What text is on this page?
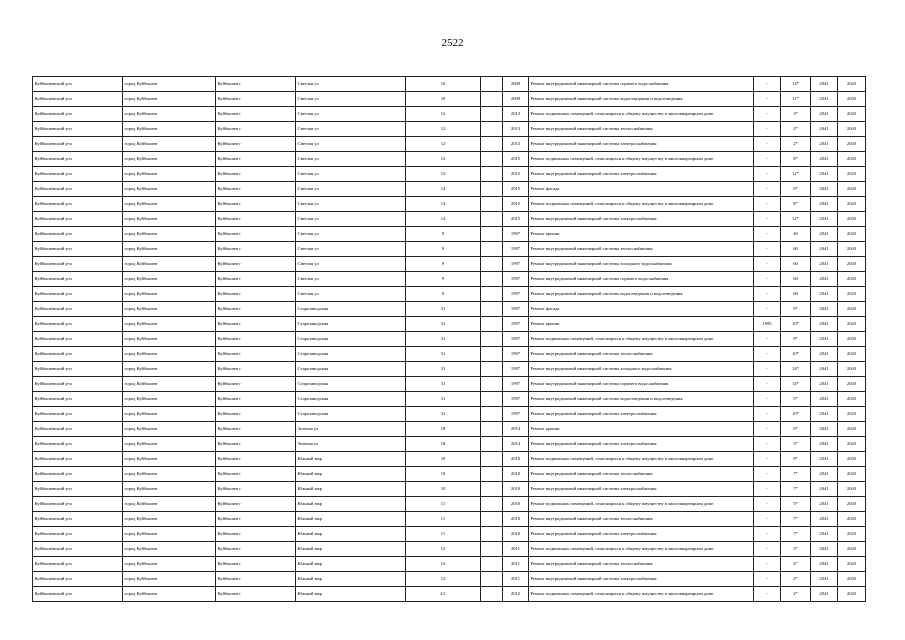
2522
Куйбышевский р-н	город Куйбышев	Куйбышев г	Светлая ул	10		2009	Ремонт внутридомовой инженерной системы горячего водоснабжения	-	14*	2041	2043
Куйбышевский р-н	город Куйбышев	Куйбышев г	Светлая ул	10		2009	Ремонт внутридомовой инженерной системы водоотведения и водоотведения	-	11*	2041	2043
Куйбышевский р-н	город Куйбышев	Куйбышев г	Светлая ул	12		2013	Ремонт подвальных помещений, относящихся к общему имуществу в многоквартирном доме	-	3*	2041	2043
Куйбышевский р-н	город Куйбышев	Куйбышев г	Светлая ул	12		2013	Ремонт внутридомовой инженерной системы теплоснабжения	-	2*	2041	2043
Куйбышевский р-н	город Куйбышев	Куйбышев г	Светлая ул	12		2013	Ремонт внутридомовой инженерной системы электроснабжения	-	2*	2041	2043
Куйбышевский р-н	город Куйбышев	Куйбышев г	Светлая ул	13		2015	Ремонт подвальных помещений, относящихся к общему имуществу в многоквартирном доме	-	8*	2041	2043
Куйбышевский р-н	город Куйбышев	Куйбышев г	Светлая ул	13		2015	Ремонт внутридомовой инженерной системы электроснабжения	-	12*	2041	2043
Куйбышевский р-н	город Куйбышев	Куйбышев г	Светлая ул	14		2015	Ремонт фасада	-	0*	2041	2043
Куйбышевский р-н	город Куйбышев	Куйбышев г	Светлая ул	14		2015	Ремонт подвальных помещений, относящихся к общему имуществу в многоквартирном доме	-	8*	2041	2043
Куйбышевский р-н	город Куйбышев	Куйбышев г	Светлая ул	14		2015	Ремонт внутридомовой инженерной системы электроснабжения	-	12*	2041	2043
Куйбышевский р-н	город Куйбышев	Куйбышев г	Светлая ул	9		1997	Ремонт крыши	-	40	2041	2043
Куйбышевский р-н	город Куйбышев	Куйбышев г	Светлая ул	9		1997	Ремонт внутридомовой инженерной системы теплоснабжения	-	60	2041	2043
Куйбышевский р-н	город Куйбышев	Куйбышев г	Светлая ул	9		1997	Ремонт внутридомовой инженерной системы холодного водоснабжения	-	60	2041	2043
Куйбышевский р-н	город Куйбышев	Куйбышев г	Светлая ул	9		1997	Ремонт внутридомовой инженерной системы горячего водоснабжения	-	60	2041	2043
Куйбышевский р-н	город Куйбышев	Куйбышев г	Светлая ул	9		1997	Ремонт внутридомовой инженерной системы водоотведения и водоотведения	-	60	2041	2043
Куйбышевский р-н	город Куйбышев	Куйбышев г	Старозаводская	31		1997	Ремонт фасада	-	9*	2041	2043
Куйбышевский р-н	город Куйбышев	Куйбышев г	Старозаводская	31		1997	Ремонт крыши	1995	10*	2041	2043
Куйбышевский р-н	город Куйбышев	Куйбышев г	Старозаводская	31		1997	Ремонт подвальных помещений, относящихся к общему имуществу в многоквартирном доме	-	9*	2041	2043
Куйбышевский р-н	город Куйбышев	Куйбышев г	Старозаводская	31		1997	Ремонт внутридомовой инженерной системы теплоснабжения	-	10*	2041	2043
Куйбышевский р-н	город Куйбышев	Куйбышев г	Старозаводская	31		1997	Ремонт внутридомовой инженерной системы холодного водоснабжения	-	14*	2041	2043
Куйбышевский р-н	город Куйбышев	Куйбышев г	Старозаводская	31		1997	Ремонт внутридомовой инженерной системы горячего водоснабжения	-	14*	2041	2043
Куйбышевский р-н	город Куйбышев	Куйбышев г	Старозаводская	31		1997	Ремонт внутридомовой инженерной системы водоотведения и водоотведения	-	5*	2041	2043
Куйбышевский р-н	город Куйбышев	Куйбышев г	Старозаводская	31		1997	Ремонт внутридомовой инженерной системы электроснабжения	-	10*	2041	2043
Куйбышевский р-н	город Куйбышев	Куйбышев г	Зеленая ул	18		2014	Ремонт крыши	-	0*	2041	2043
Куйбышевский р-н	город Куйбышев	Куйбышев г	Зеленая ул	18		2014	Ремонт внутридомовой инженерной системы электроснабжения	-	3*	2041	2043
Куйбышевский р-н	город Куйбышев	Куйбышев г	Южный мкр	10		2010	Ремонт подвальных помещений, относящихся к общему имуществу в многоквартирном доме	-	9*	2041	2043
Куйбышевский р-н	город Куйбышев	Куйбышев г	Южный мкр	10		2010	Ремонт внутридомовой инженерной системы теплоснабжения	-	7*	2041	2043
Куйбышевский р-н	город Куйбышев	Куйбышев г	Южный мкр	10		2010	Ремонт внутридомовой инженерной системы электроснабжения	-	7*	2041	2043
Куйбышевский р-н	город Куйбышев	Куйбышев г	Южный мкр	11		2010	Ремонт подвальных помещений, относящихся к общему имуществу в многоквартирном доме	-	5*	2041	2043
Куйбышевский р-н	город Куйбышев	Куйбышев г	Южный мкр	11		2010	Ремонт внутридомовой инженерной системы теплоснабжения	-	7*	2041	2043
Куйбышевский р-н	город Куйбышев	Куйбышев г	Южный мкр	11		2010	Ремонт внутридомовой инженерной системы электроснабжения	-	7*	2041	2043
Куйбышевский р-н	город Куйбышев	Куйбышев г	Южный мкр	12		2011	Ремонт подвальных помещений, относящихся к общему имуществу в многоквартирном доме	-	3*	2041	2043
Куйбышевский р-н	город Куйбышев	Куйбышев г	Южный мкр	12		2011	Ремонт внутридомовой инженерной системы теплоснабжения	-	2*	2041	2043
Куйбышевский р-н	город Куйбышев	Куйбышев г	Южный мкр	12		2011	Ремонт внутридомовой инженерной системы электроснабжения	-	2*	2041	2043
Куйбышевский р-н	город Куйбышев	Куйбышев г	Южный мкр	2/1		2012	Ремонт подвальных помещений, относящихся к общему имуществу в многоквартирном доме	-	2*	2041	2043
